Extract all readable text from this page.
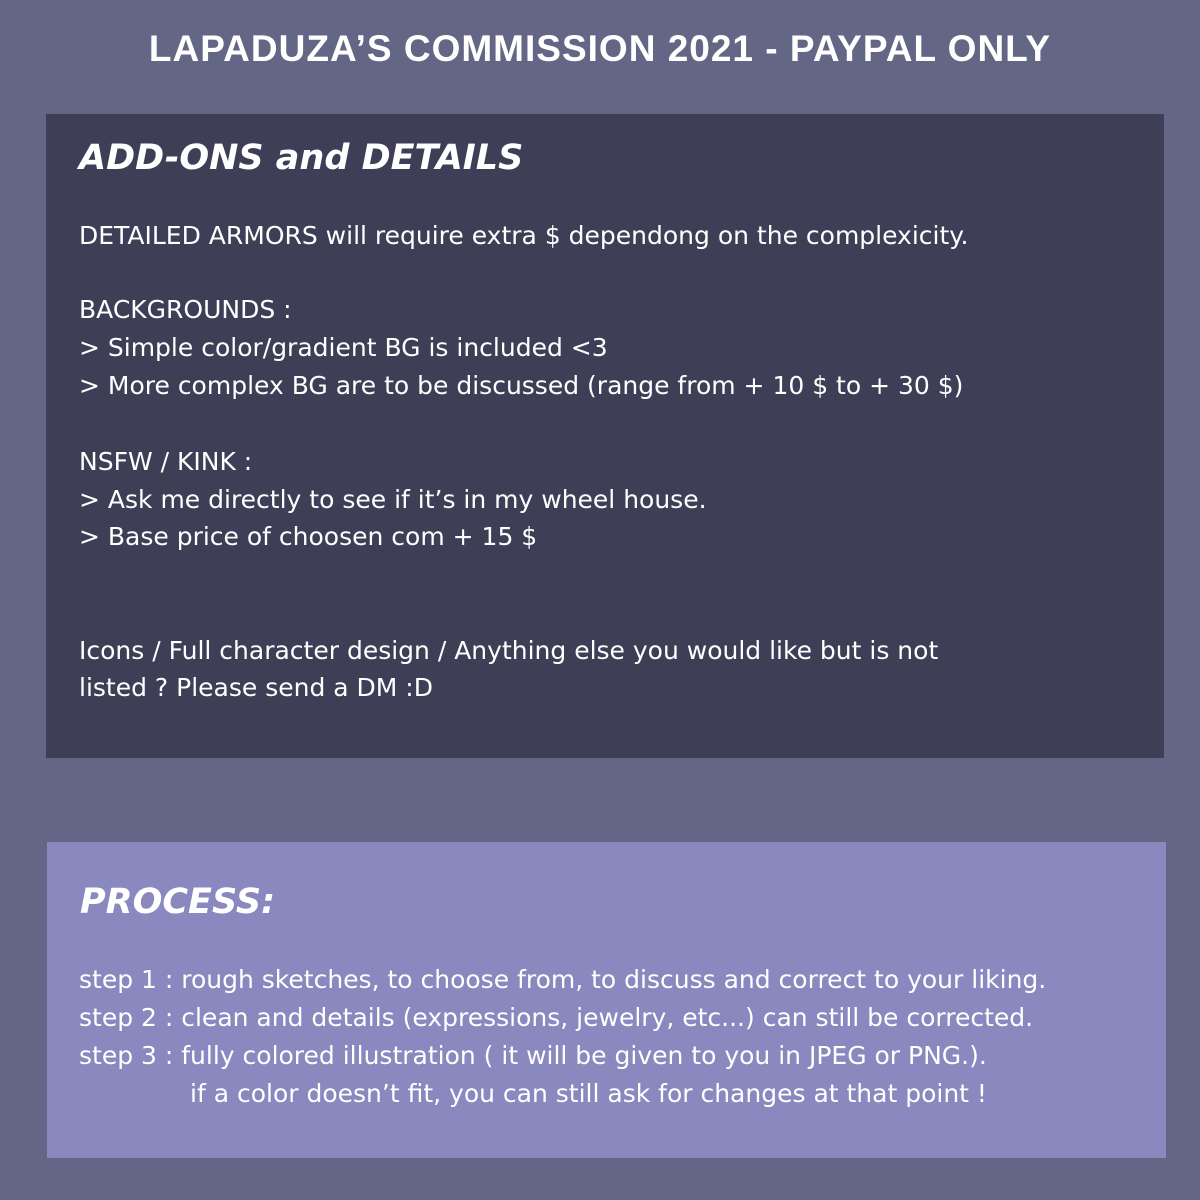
LAPADUZA’S COMMISSION 2021 - PAYPAL ONLY
ADD-ONS and DETAILS
DETAILED ARMORS will require extra $ dependong on the complexicity.
BACKGROUNDS :
> Simple color/gradient BG is included <3
> More complex BG are to be discussed (range from + 10 $ to + 30 $)
NSFW / KINK :
> Ask me directly to see if it’s in my wheel house.
> Base price of choosen com + 15 $
Icons / Full character design / Anything else you would like but is not
listed ? Please send a DM :D
PROCESS:
step 1 : rough sketches, to choose from, to discuss and correct to your liking.
step 2 : clean and details (expressions, jewelry, etc...) can still be corrected.
step 3 : fully colored illustration ( it will be given to you in JPEG or PNG.).
if a color doesn’t fit, you can still ask for changes at that point !
